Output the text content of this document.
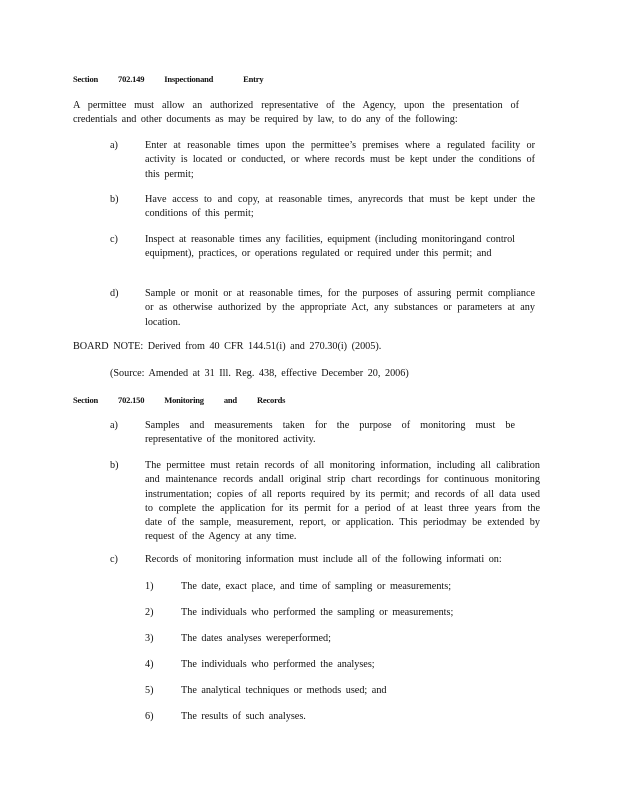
Section 702.149 Inspectionand	Entry
A permittee must allow an authorized representative of the Agency, upon the presentation of credentials and other documents as may be required by law, to do any of the following:
a)	Enter at reasonable times upon the permittee’s premises where a regulated facility or activity is located or conducted, or where records must be kept under the conditions of this permit;
b)	Have access to and copy, at reasonable times, anyrecords that must be kept under the conditions of this permit;
c)	Inspect at reasonable times any facilities, equipment (including monitoringand control equipment), practices, or operations regulated or required under this permit; and
d)	Sample or monit or at reasonable times, for the purposes of assuring permit compliance or as otherwise authorized by the appropriate Act, any substances or parameters at any location.
BOARD NOTE: Derived from 40 CFR 144.51(i) and 270.30(i) (2005).
(Source: Amended at 31 Ill. Reg. 438, effective December 20, 2006)
Section 702.150 Monitoring and Records
a)	Samples and measurements taken for the purpose of monitoring must be representative of the monitored activity.
b)	The permittee must retain records of all monitoring information, including all calibration and maintenance records andall original strip chart recordings for continuous monitoring instrumentation; copies of all reports required by its permit; and records of all data used to complete the application for its permit for a period of at least three years from the date of the sample, measurement, report, or application. This periodmay be extended by request of the Agency at any time.
c)	Records of monitoring information must include all of the following informati on:
1)	The date, exact place, and time of sampling or measurements;
2)	The individuals who performed the sampling or measurements;
3)	The dates analyses wereperformed;
4)	The individuals who performed the analyses;
5)	The analytical techniques or methods used; and
6)	The results of such analyses.
